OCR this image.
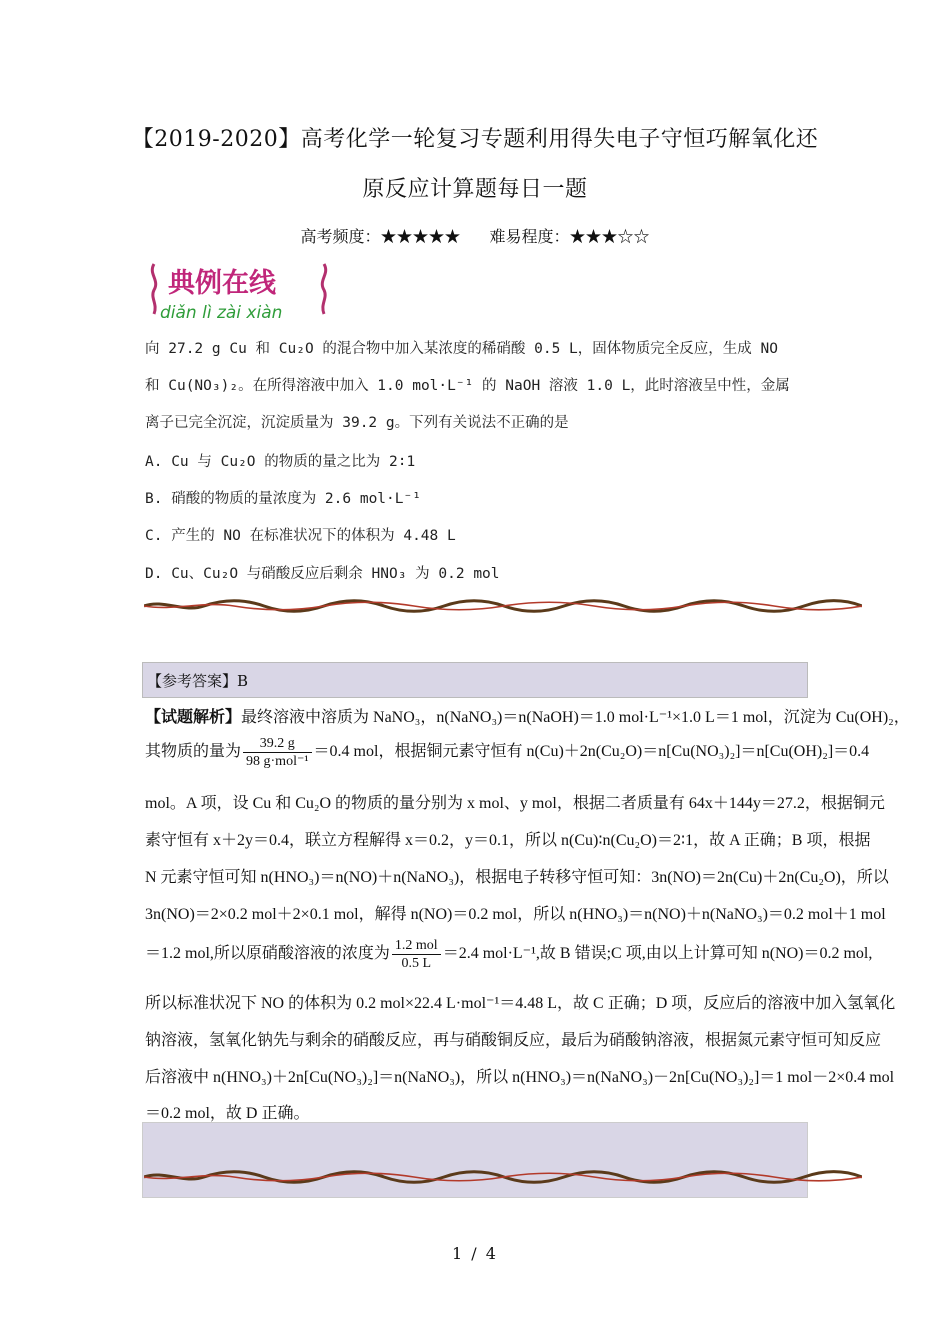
【2019-2020】高考化学一轮复习专题利用得失电子守恒巧解氧化还
原反应计算题每日一题
高考频度：★★★★★ 难易程度：★★★☆☆
典例在线
diǎn lì zài xiàn
向 27.2 g Cu 和 Cu₂O 的混合物中加入某浓度的稀硝酸 0.5 L，固体物质完全反应，生成 NO
和 Cu(NO₃)₂。在所得溶液中加入 1.0 mol·L⁻¹ 的 NaOH 溶液 1.0 L，此时溶液呈中性，金属
离子已完全沉淀，沉淀质量为 39.2 g。下列有关说法不正确的是
A. Cu 与 Cu₂O 的物质的量之比为 2∶1
B. 硝酸的物质的量浓度为 2.6 mol·L⁻¹
C. 产生的 NO 在标准状况下的体积为 4.48 L
D. Cu、Cu₂O 与硝酸反应后剩余 HNO₃ 为 0.2 mol
【参考答案】B
【试题解析】最终溶液中溶质为 NaNO₃，n(NaNO₃)＝n(NaOH)＝1.0 mol·L⁻¹×1.0 L＝1 mol，沉淀为 Cu(OH)₂，
其物质的量为 $\frac{39.2 g}{\text{98 g·mol⁻¹}} =0.4$ mol，根据铜元素守恒有 n(Cu)＋2n(Cu₂O)＝n[Cu(NO₃)₂]＝n[Cu(OH)₂]＝0.4
mol。A 项，设 Cu 和 Cu₂O 的物质的量分别为 x mol、y mol，根据二者质量有 64x＋144y＝27.2，根据铜元
素守恒有 x＋2y＝0.4，联立方程解得 x＝0.2，y＝0.1，所以 n(Cu)∶n(Cu₂O)＝2∶1，故 A 正确；B 项，根据
N 元素守恒可知 n(HNO₃)＝n(NO)＋n(NaNO₃)，根据电子转移守恒可知：3n(NO)＝2n(Cu)＋2n(Cu₂O)，所以
3n(NO)＝2×0.2 mol＋2×0.1 mol，解得 n(NO)＝0.2 mol，所以 n(HNO₃)＝n(NO)＋n(NaNO₃)＝0.2 mol＋1 mol
＝1.2 mol,所以原硝酸溶液的浓度为 $\frac{\text{1.2 mol}}{0.5 L} =2.4$ mol·L⁻¹,故 B 错误;C 项,由以上计算可知 n(NO)＝0.2 mol,
所以标准状况下 NO 的体积为 0.2 mol×22.4 L·mol⁻¹＝4.48 L，故 C 正确；D 项，反应后的溶液中加入氢氧化
钠溶液，氢氧化钠先与剩余的硝酸反应，再与硝酸铜反应，最后为硝酸钠溶液，根据氮元素守恒可知反应
后溶液中 n(HNO₃)＋2n[Cu(NO₃)₂]＝n(NaNO₃)，所以 n(HNO₃)＝n(NaNO₃)－2n[Cu(NO₃)₂]＝1 mol－2×0.4 mol
＝0.2 mol，故 D 正确。
1 / 4
